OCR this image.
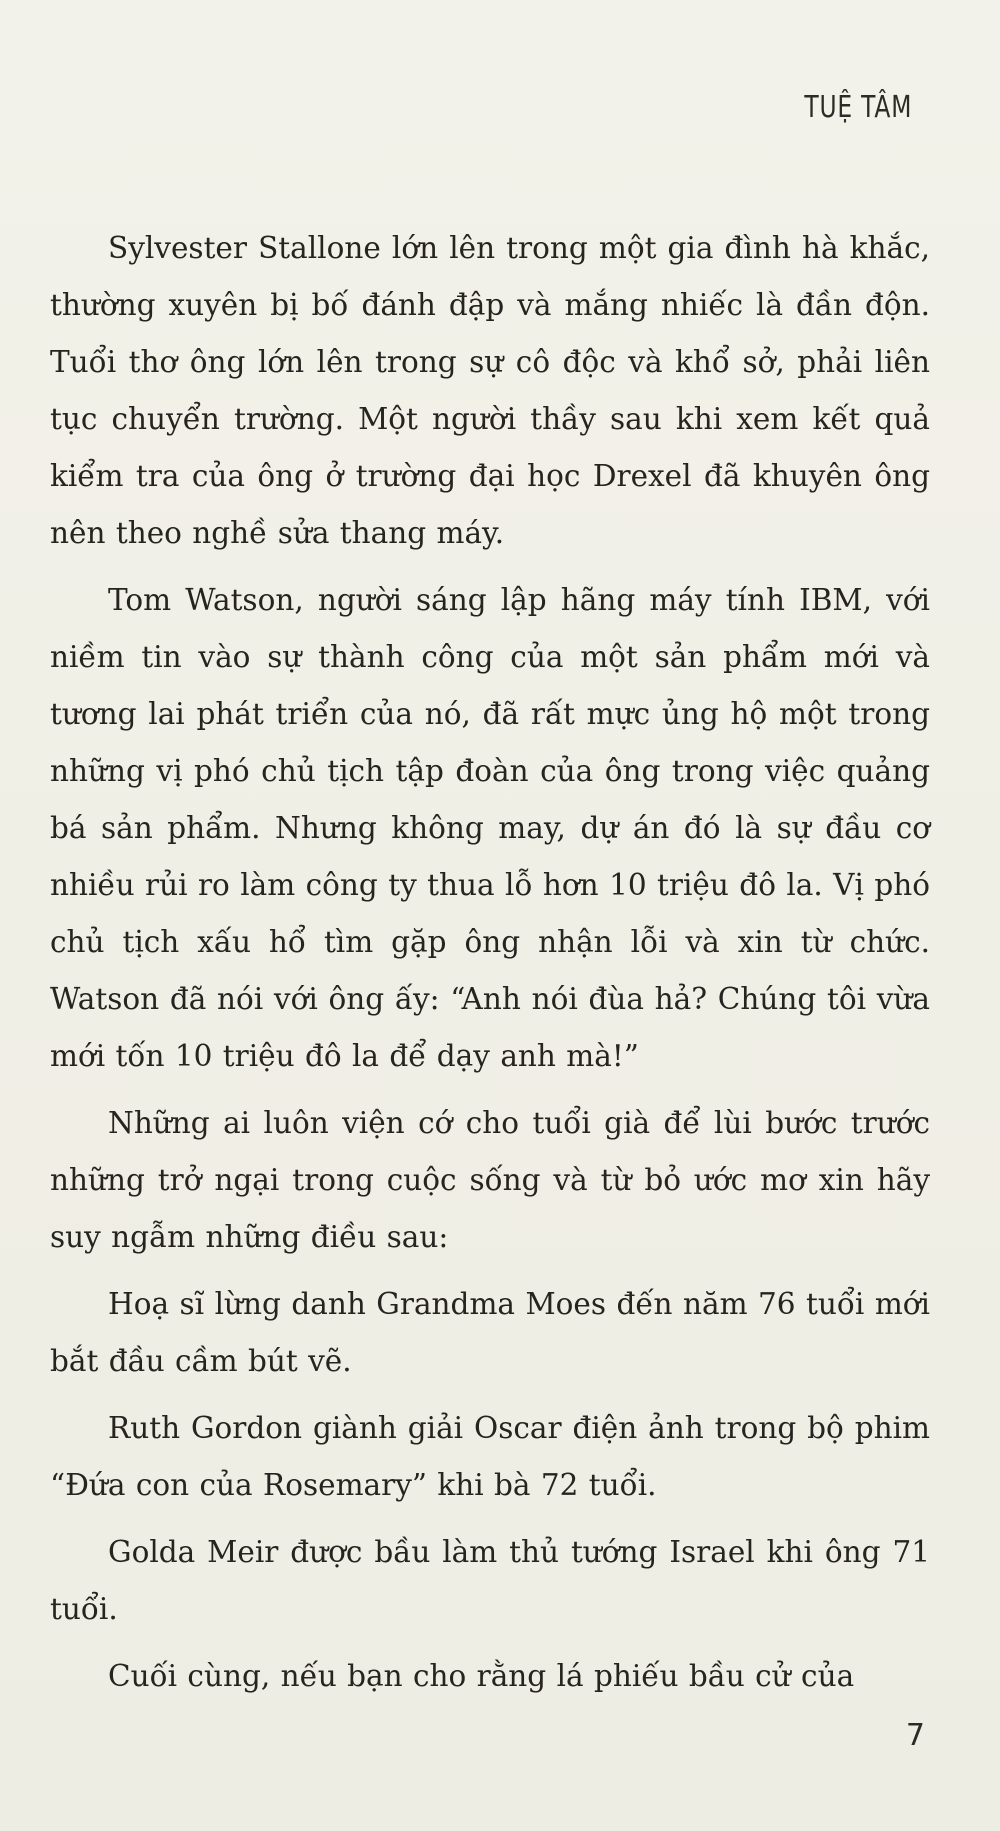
TUỆ TÂM

Sylvester Stallone lớn lên trong một gia đình hà khắc, thường xuyên bị bố đánh đập và mắng nhiếc là đần độn. Tuổi thơ ông lớn lên trong sự cô độc và khổ sở, phải liên tục chuyển trường. Một người thầy sau khi xem kết quả kiểm tra của ông ở trường đại học Drexel đã khuyên ông nên theo nghề sửa thang máy.

Tom Watson, người sáng lập hãng máy tính IBM, với niềm tin vào sự thành công của một sản phẩm mới và tương lai phát triển của nó, đã rất mực ủng hộ một trong những vị phó chủ tịch tập đoàn của ông trong việc quảng bá sản phẩm. Nhưng không may, dự án đó là sự đầu cơ nhiều rủi ro làm công ty thua lỗ hơn 10 triệu đô la. Vị phó chủ tịch xấu hổ tìm gặp ông nhận lỗi và xin từ chức. Watson đã nói với ông ấy: “Anh nói đùa hả? Chúng tôi vừa mới tốn 10 triệu đô la để dạy anh mà!”

Những ai luôn viện cớ cho tuổi già để lùi bước trước những trở ngại trong cuộc sống và từ bỏ ước mơ xin hãy suy ngẫm những điều sau:

Hoạ sĩ lừng danh Grandma Moes đến năm 76 tuổi mới bắt đầu cầm bút vẽ.

Ruth Gordon giành giải Oscar điện ảnh trong bộ phim “Đứa con của Rosemary” khi bà 72 tuổi.

Golda Meir được bầu làm thủ tướng Israel khi ông 71 tuổi.

Cuối cùng, nếu bạn cho rằng lá phiếu bầu cử của

7
